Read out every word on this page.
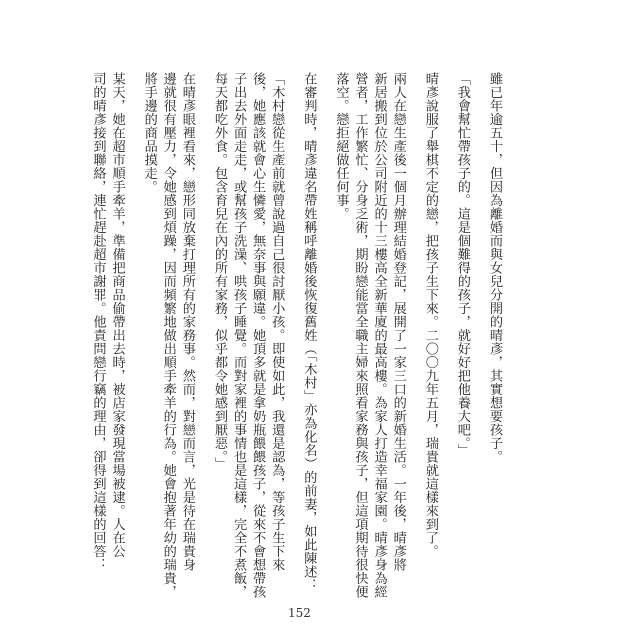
雖已年逾五十，但因為離婚而與女兒分開的晴彥，其實想要孩子。
「我會幫忙帶孩子的。這是個難得的孩子，就好好把他養大吧。」
晴彥說服了舉棋不定的戀，把孩子生下來。二〇〇九年五月，瑞貴就這樣來到了。
兩人在戀生產後一個月辦理結婚登記，展開了一家三口的新婚生活。一年後，晴彥將
新居搬到位於公司附近的十三樓高全新華廈的最高樓。為家人打造幸福家園。晴彥身為經
營者，工作繁忙、分身乏術，期盼戀能當全職主婦來照看家務與孩子，但這項期待很快便
落空。戀拒絕做任何事。
在審判時，晴彥違名帶姓稱呼離婚後恢復舊姓（「木村」亦為化名）的前妻，如此陳述：
「木村戀從生產前就曾說過自己很討厭小孩。即使如此，我還是認為，等孩子生下來
後，她應該就會心生憐愛，無奈事與願違。她頂多就是拿奶瓶餵餵孩子，從來不會想帶孩
子出去外面走走，或幫孩子洗澡、哄孩子睡覺。而對家裡的事情也是這樣，完全不煮飯，
每天都吃外食。包含育兒在內的所有家務，似乎都令她感到厭惡。」
在晴彥眼裡看來，戀形同放棄打理所有的家務事。然而，對戀而言，光是待在瑞貴身
邊就很有壓力，令她感到煩躁，因而頻繁地做出順手牽羊的行為。她會抱著年幼的瑞貴，
將手邊的商品摸走。
某天，她在超市順手牽羊，準備把商品偷帶出去時，被店家發現當場被逮。人在公
司的晴彥接到聯絡，連忙趕赴超市謝罪。他責問戀行竊的理由，卻得到這樣的回答：
152
